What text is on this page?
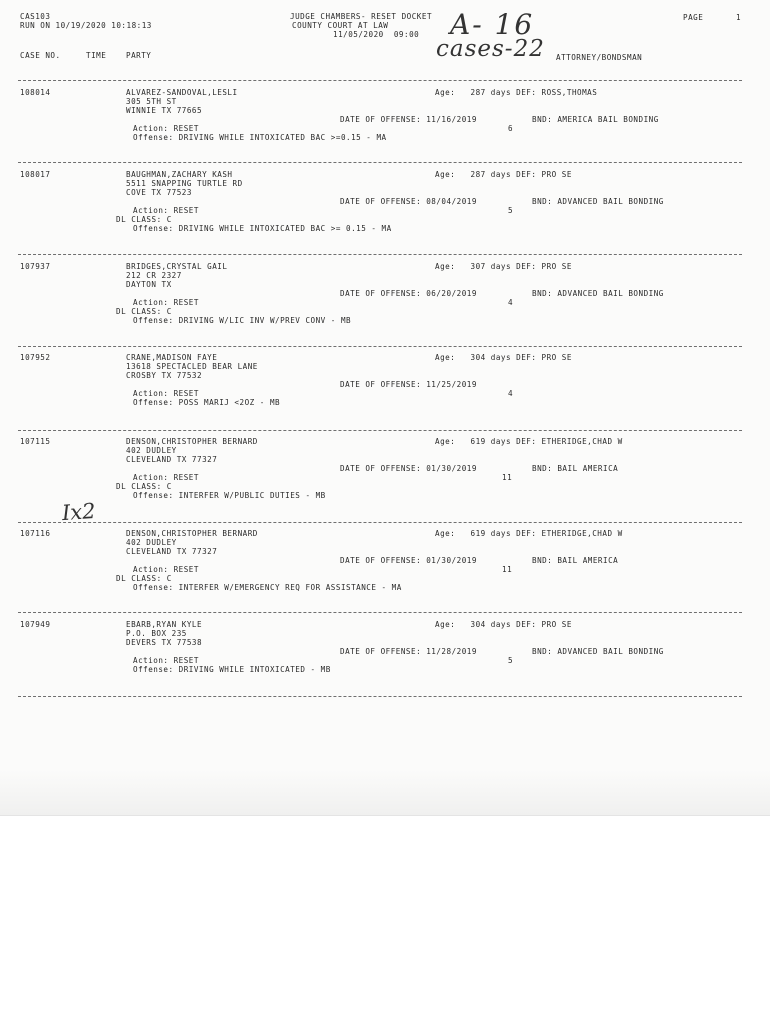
CAS103
RUN ON 10/19/2020 10:18:13
JUDGE CHAMBERS- RESET DOCKET
COUNTY COURT AT LAW
11/05/2020  09:00
PAGE	1
A- 16
cases-22
Ix2
CASE NO.	TIME	PARTY	ATTORNEY/BONDSMAN
108014	ALVAREZ-SANDOVAL,LESLI	Age:   287 days DEF: ROSS,THOMAS
305 5TH ST
WINNIE TX 77665
DATE OF OFFENSE: 11/16/2019	BND: AMERICA BAIL BONDING
6
Action: RESET
Offense: DRIVING WHILE INTOXICATED BAC >=0.15 - MA
108017	BAUGHMAN,ZACHARY KASH	Age:   287 days DEF: PRO SE
5511 SNAPPING TURTLE RD
COVE TX 77523
DATE OF OFFENSE: 08/04/2019	BND: ADVANCED BAIL BONDING
5
Action: RESET
DL CLASS: C
Offense: DRIVING WHILE INTOXICATED BAC >= 0.15 - MA
107937	BRIDGES,CRYSTAL GAIL	Age:   307 days DEF: PRO SE
212 CR 2327
DAYTON TX
DATE OF OFFENSE: 06/20/2019	BND: ADVANCED BAIL BONDING
4
Action: RESET
DL CLASS: C
Offense: DRIVING W/LIC INV W/PREV CONV - MB
107952	CRANE,MADISON FAYE	Age:   304 days DEF: PRO SE
13618 SPECTACLED BEAR LANE
CROSBY TX 77532
DATE OF OFFENSE: 11/25/2019
4
Action: RESET
Offense: POSS MARIJ <2OZ - MB
107115	DENSON,CHRISTOPHER BERNARD	Age:   619 days DEF: ETHERIDGE,CHAD W
402 DUDLEY
CLEVELAND TX 77327
DATE OF OFFENSE: 01/30/2019	BND: BAIL AMERICA
11
Action: RESET
DL CLASS: C
Offense: INTERFER W/PUBLIC DUTIES - MB
107116	DENSON,CHRISTOPHER BERNARD	Age:   619 days DEF: ETHERIDGE,CHAD W
402 DUDLEY
CLEVELAND TX 77327
DATE OF OFFENSE: 01/30/2019	BND: BAIL AMERICA
11
Action: RESET
DL CLASS: C
Offense: INTERFER W/EMERGENCY REQ FOR ASSISTANCE - MA
107949	EBARB,RYAN KYLE	Age:   304 days DEF: PRO SE
P.O. BOX 235
DEVERS TX 77538
DATE OF OFFENSE: 11/28/2019	BND: ADVANCED BAIL BONDING
5
Action: RESET
Offense: DRIVING WHILE INTOXICATED - MB
